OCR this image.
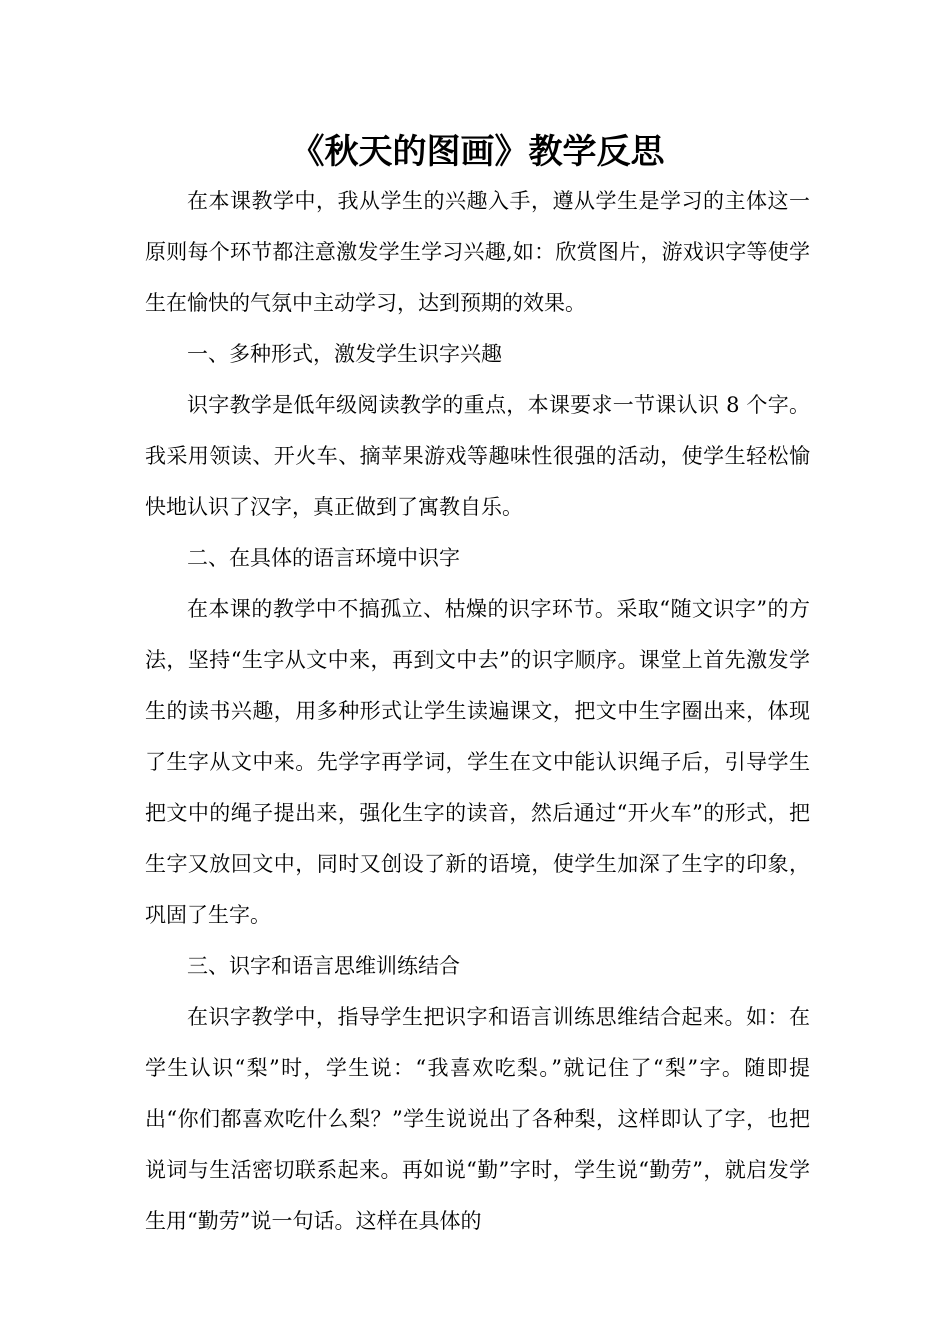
《秋天的图画》教学反思

在本课教学中，我从学生的兴趣入手，遵从学生是学习的主体这一原则每个环节都注意激发学生学习兴趣,如：欣赏图片，游戏识字等使学生在愉快的气氛中主动学习，达到预期的效果。

一、多种形式，激发学生识字兴趣

识字教学是低年级阅读教学的重点，本课要求一节课认识 8 个字。我采用领读、开火车、摘苹果游戏等趣味性很强的活动，使学生轻松愉快地认识了汉字，真正做到了寓教自乐。

二、在具体的语言环境中识字

在本课的教学中不搞孤立、枯燥的识字环节。采取“随文识字”的方法，坚持“生字从文中来，再到文中去”的识字顺序。课堂上首先激发学生的读书兴趣，用多种形式让学生读遍课文，把文中生字圈出来，体现了生字从文中来。先学字再学词，学生在文中能认识绳子后，引导学生把文中的绳子提出来，强化生字的读音，然后通过“开火车”的形式，把生字又放回文中，同时又创设了新的语境，使学生加深了生字的印象，巩固了生字。

三、识字和语言思维训练结合

在识字教学中，指导学生把识字和语言训练思维结合起来。如：在学生认识“梨”时，学生说：“我喜欢吃梨。”就记住了“梨”字。随即提出“你们都喜欢吃什么梨？”学生说说出了各种梨，这样即认了字，也把说词与生活密切联系起来。再如说“勤”字时，学生说“勤劳”，就启发学生用“勤劳”说一句话。这样在具体的
